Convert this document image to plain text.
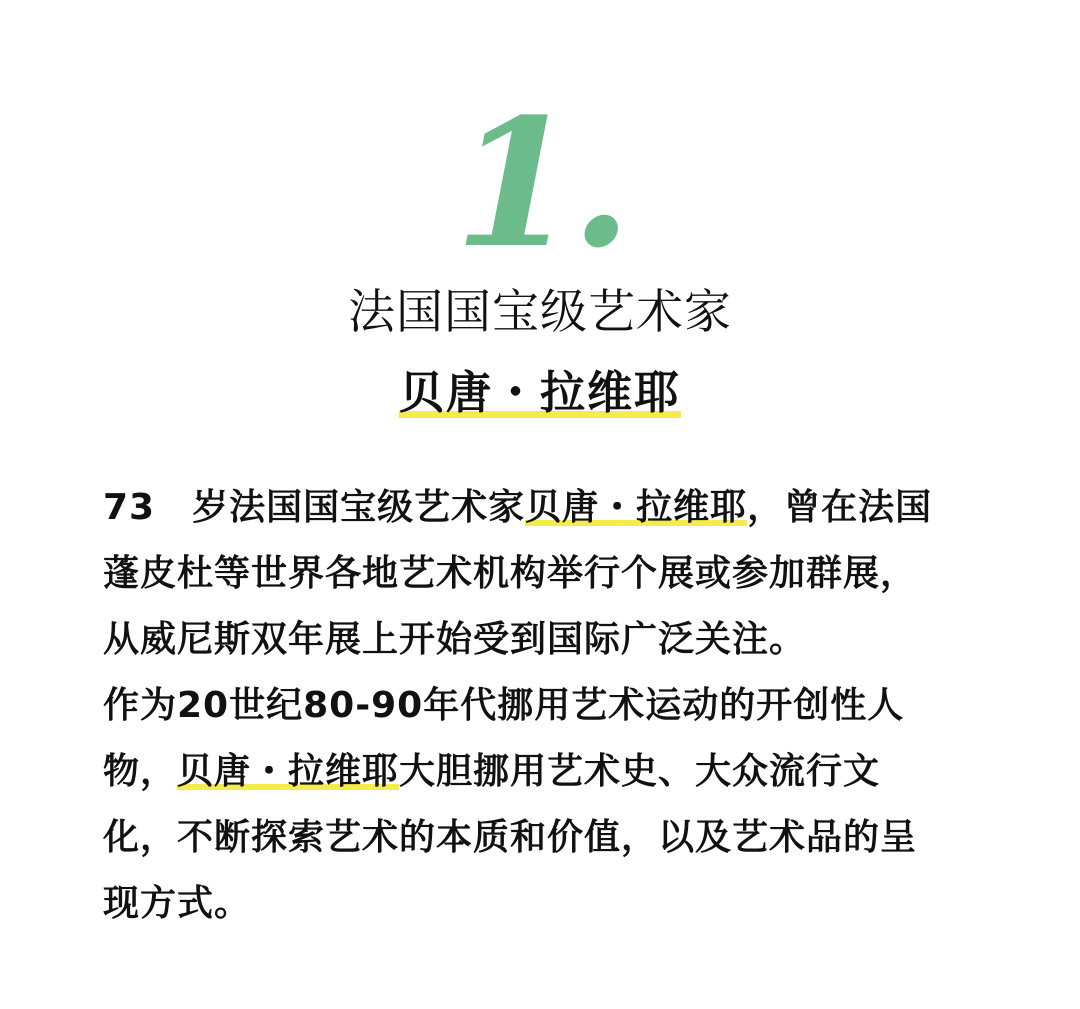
1.
法国国宝级艺术家
贝唐・拉维耶
73　岁法国国宝级艺术家贝唐・拉维耶，曾在法国
蓬皮杜等世界各地艺术机构举行个展或参加群展，
从威尼斯双年展上开始受到国际广泛关注。
作为20世纪80-90年代挪用艺术运动的开创性人
物，贝唐・拉维耶大胆挪用艺术史、大众流行文
化，不断探索艺术的本质和价值，以及艺术品的呈
现方式。
